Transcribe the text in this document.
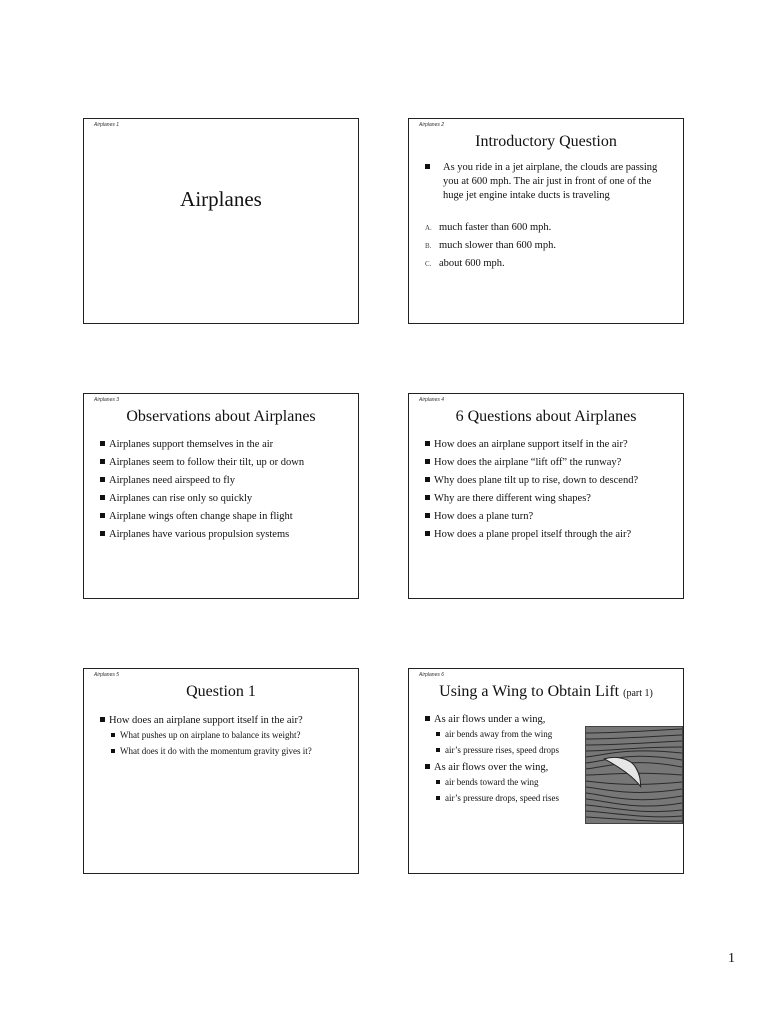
Airplanes 1
Airplanes
Airplanes 2
Introductory Question
As you ride in a jet airplane, the clouds are passing you at 600 mph. The air just in front of one of the huge jet engine intake ducts is traveling
A. much faster than 600 mph.
B. much slower than 600 mph.
C. about 600 mph.
Airplanes 3
Observations about Airplanes
Airplanes support themselves in the air
Airplanes seem to follow their tilt, up or down
Airplanes need airspeed to fly
Airplanes can rise only so quickly
Airplane wings often change shape in flight
Airplanes have various propulsion systems
Airplanes 4
6 Questions about Airplanes
How does an airplane support itself in the air?
How does the airplane “lift off” the runway?
Why does plane tilt up to rise, down to descend?
Why are there different wing shapes?
How does a plane turn?
How does a plane propel itself through the air?
Airplanes 5
Question 1
How does an airplane support itself in the air?
What pushes up on airplane to balance its weight?
What does it do with the momentum gravity gives it?
Airplanes 6
Using a Wing to Obtain Lift (part 1)
As air flows under a wing,
air bends away from the wing
air’s pressure rises, speed drops
As air flows over the wing,
air bends toward the wing
air’s pressure drops, speed rises
1
